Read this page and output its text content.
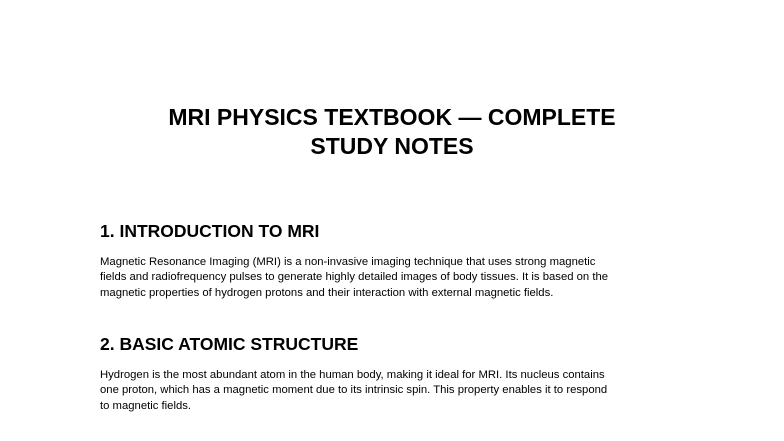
MRI PHYSICS TEXTBOOK — COMPLETE
STUDY NOTES
1. INTRODUCTION TO MRI

Magnetic Resonance Imaging (MRI) is a non-invasive imaging technique that uses strong magnetic
fields and radiofrequency pulses to generate highly detailed images of body tissues. It is based on the
magnetic properties of hydrogen protons and their interaction with external magnetic fields.

2. BASIC ATOMIC STRUCTURE

Hydrogen is the most abundant atom in the human body, making it ideal for MRI. Its nucleus contains
one proton, which has a magnetic moment due to its intrinsic spin. This property enables it to respond
to magnetic fields.
